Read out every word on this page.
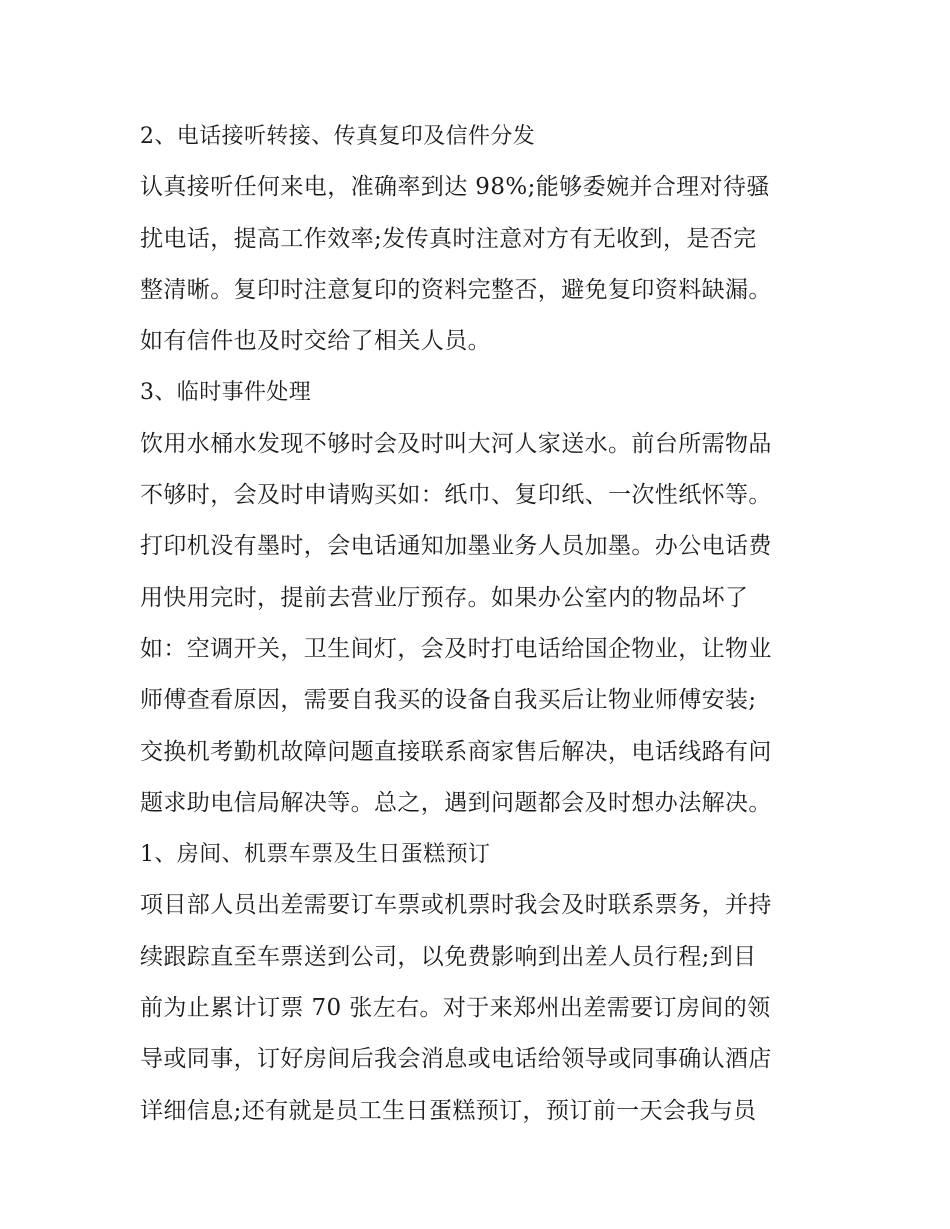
2、电话接听转接、传真复印及信件分发
认真接听任何来电，准确率到达 98%;能够委婉并合理对待骚
扰电话，提高工作效率;发传真时注意对方有无收到，是否完
整清晰。复印时注意复印的资料完整否，避免复印资料缺漏。
如有信件也及时交给了相关人员。
3、临时事件处理
饮用水桶水发现不够时会及时叫大河人家送水。前台所需物品
不够时，会及时申请购买如：纸巾、复印纸、一次性纸怀等。
打印机没有墨时，会电话通知加墨业务人员加墨。办公电话费
用快用完时，提前去营业厅预存。如果办公室内的物品坏了
如：空调开关，卫生间灯，会及时打电话给国企物业，让物业
师傅查看原因，需要自我买的设备自我买后让物业师傅安装;
交换机考勤机故障问题直接联系商家售后解决，电话线路有问
题求助电信局解决等。总之，遇到问题都会及时想办法解决。
1、房间、机票车票及生日蛋糕预订
项目部人员出差需要订车票或机票时我会及时联系票务，并持
续跟踪直至车票送到公司，以免费影响到出差人员行程;到目
前为止累计订票 70 张左右。对于来郑州出差需要订房间的领
导或同事，订好房间后我会消息或电话给领导或同事确认酒店
详细信息;还有就是员工生日蛋糕预订，预订前一天会我与员
